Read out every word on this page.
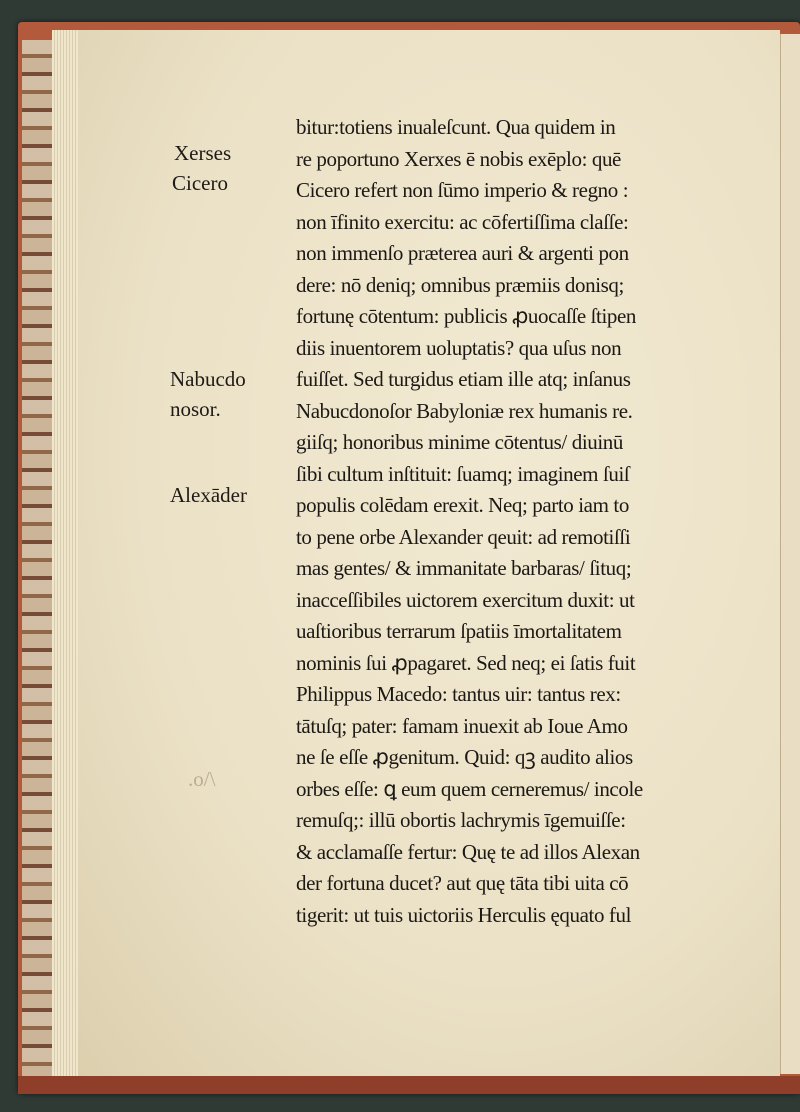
Xerses
Cicero
Nabucdo
nosor.
Alexāder
.o/\
bitur:totiens inualeſcunt. Qua quidem in
re poportuno Xerxes ē nobis exēplo: quē
Cicero refert non ſūmo imperio & regno :
non īfinito exercitu: ac cōfertiſſima claſſe:
non immenſo præterea auri & argenti pon
dere: nō deniq; omnibus præmiis donisq;
fortunę cōtentum: publicis ꝓuocaſſe ſtipen
diis inuentorem uoluptatis? qua uſus non
fuiſſet. Sed turgidus etiam ille atq; inſanus
Nabucdonoſor Babyloniæ rex humanis re.
giiſq; honoribus minime cōtentus/ diuinū
ſibi cultum inſtituit: ſuamq; imaginem ſuiſ
populis colēdam erexit. Neq; parto iam to
to pene orbe Alexander qeuit: ad remotiſſi
mas gentes/ & immanitate barbaras/ ſituq;
inacceſſibiles uictorem exercitum duxit: ut
uaſtioribus terrarum ſpatiis īmortalitatem
nominis ſui ꝓpagaret. Sed neq; ei ſatis fuit
Philippus Macedo: tantus uir: tantus rex:
tātuſq; pater: famam inuexit ab Ioue Amo
ne ſe eſſe ꝓgenitum. Quid: qꝫ audito alios
orbes eſſe: ꝗ eum quem cerneremus/ incole
remuſq;: illū obortis lachrymis īgemuiſſe:
& acclamaſſe fertur: Quę te ad illos Alexan
der fortuna ducet? aut quę tāta tibi uita cō
tigerit: ut tuis uictoriis Herculis ęquato ful
